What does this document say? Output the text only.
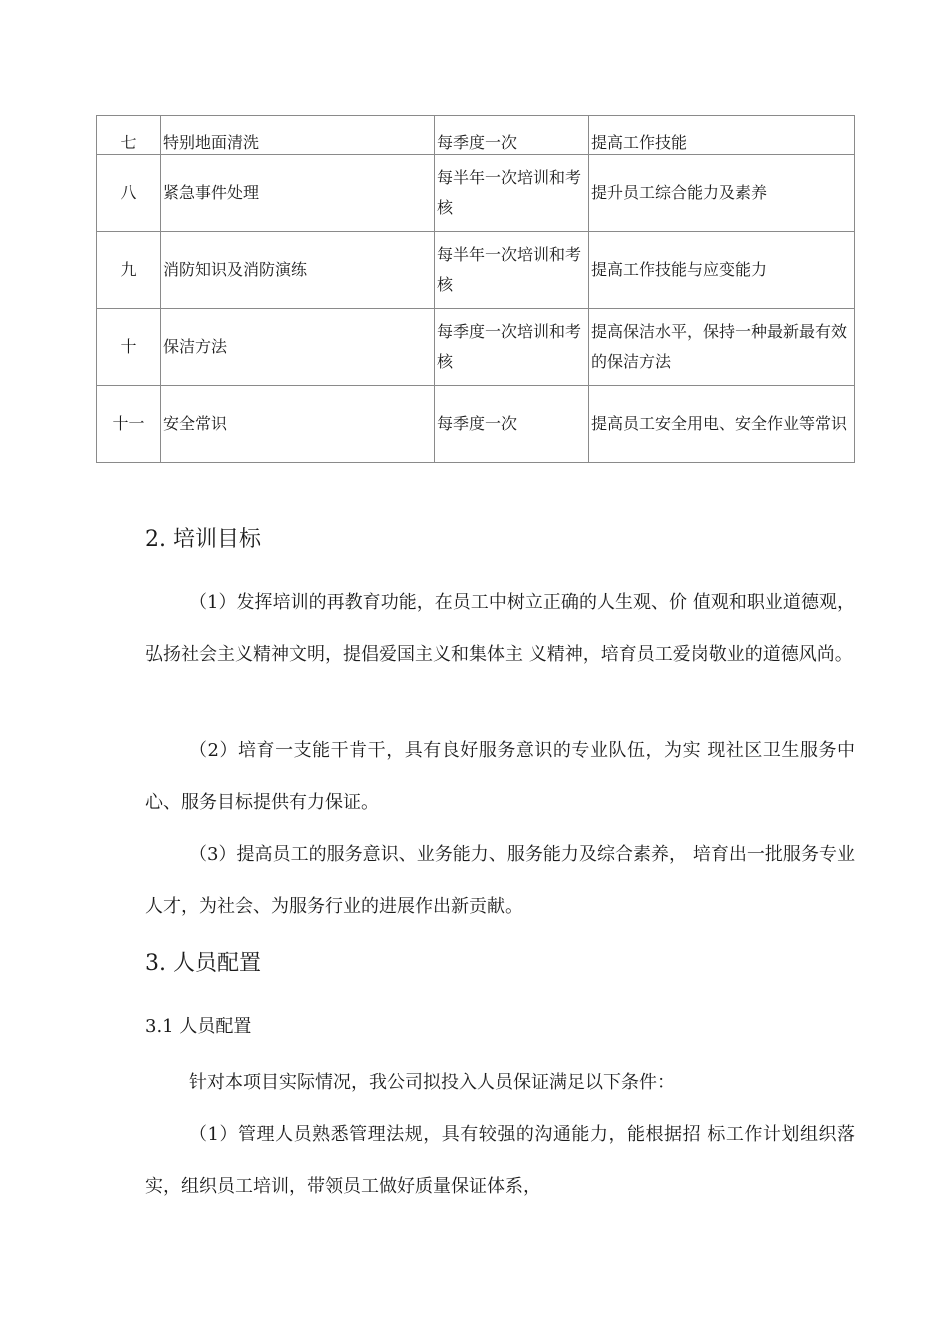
七	特别地面清洗	每季度一次	提高工作技能
八	紧急事件处理	每半年一次培训和考核	提升员工综合能力及素养
九	消防知识及消防演练	每半年一次培训和考核	提高工作技能与应变能力
十	保洁方法	每季度一次培训和考核	提高保洁水平，保持一种最新最有效的保洁方法
十一	安全常识	每季度一次	提高员工安全用电、安全作业等常识
2. 培训目标

（1）发挥培训的再教育功能，在员工中树立正确的人生观、价 值观和职业道德观，弘扬社会主义精神文明，提倡爱国主义和集体主 义精神，培育员工爱岗敬业的道德风尚。

（2）培育一支能干肯干，具有良好服务意识的专业队伍，为实 现社区卫生服务中心、服务目标提供有力保证。

（3）提高员工的服务意识、业务能力、服务能力及综合素养， 培育出一批服务专业人才，为社会、为服务行业的进展作出新贡献。

3. 人员配置
3.1 人员配置

针对本项目实际情况，我公司拟投入人员保证满足以下条件：

（1）管理人员熟悉管理法规，具有较强的沟通能力，能根据招 标工作计划组织落实，组织员工培训，带领员工做好质量保证体系，
